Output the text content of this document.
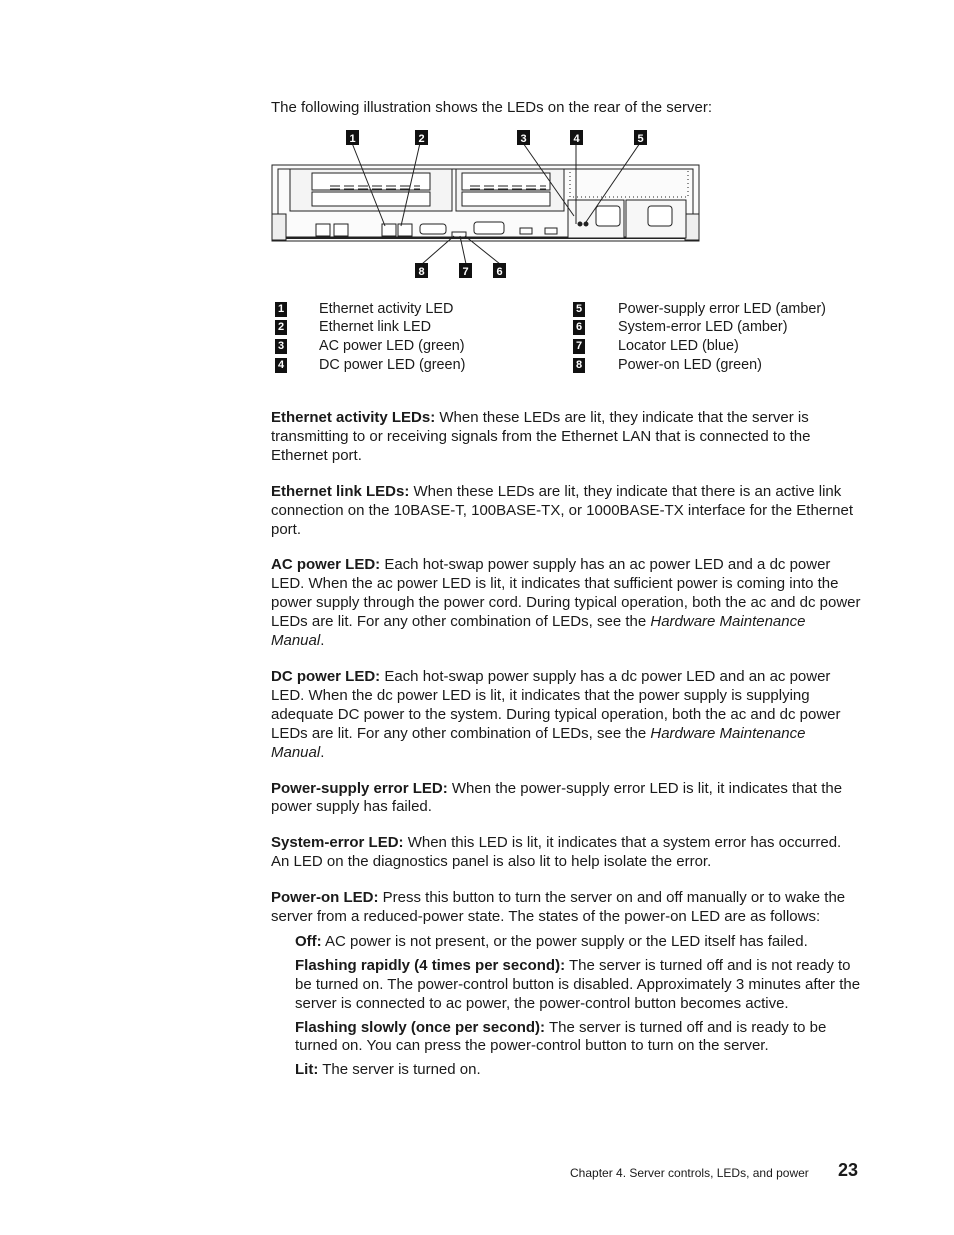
The following illustration shows the LEDs on the rear of the server:
1	2	3	4	5
8	7	6
1 Ethernet activity LED
2 Ethernet link LED
3 AC power LED (green)
4 DC power LED (green)
5 Power-supply error LED (amber)
6 System-error LED (amber)
7 Locator LED (blue)
8 Power-on LED (green)

Ethernet activity LEDs: When these LEDs are lit, they indicate that the server is transmitting to or receiving signals from the Ethernet LAN that is connected to the Ethernet port.

Ethernet link LEDs: When these LEDs are lit, they indicate that there is an active link connection on the 10BASE-T, 100BASE-TX, or 1000BASE-TX interface for the Ethernet port.

AC power LED: Each hot-swap power supply has an ac power LED and a dc power LED. When the ac power LED is lit, it indicates that sufficient power is coming into the power supply through the power cord. During typical operation, both the ac and dc power LEDs are lit. For any other combination of LEDs, see the Hardware Maintenance Manual.

DC power LED: Each hot-swap power supply has a dc power LED and an ac power LED. When the dc power LED is lit, it indicates that the power supply is supplying adequate DC power to the system. During typical operation, both the ac and dc power LEDs are lit. For any other combination of LEDs, see the Hardware Maintenance Manual.

Power-supply error LED: When the power-supply error LED is lit, it indicates that the power supply has failed.

System-error LED: When this LED is lit, it indicates that a system error has occurred. An LED on the diagnostics panel is also lit to help isolate the error.

Power-on LED: Press this button to turn the server on and off manually or to wake the server from a reduced-power state. The states of the power-on LED are as follows:

Off: AC power is not present, or the power supply or the LED itself has failed.

Flashing rapidly (4 times per second): The server is turned off and is not ready to be turned on. The power-control button is disabled. Approximately 3 minutes after the server is connected to ac power, the power-control button becomes active.

Flashing slowly (once per second): The server is turned off and is ready to be turned on. You can press the power-control button to turn on the server.

Lit: The server is turned on.

Chapter 4. Server controls, LEDs, and power 23
